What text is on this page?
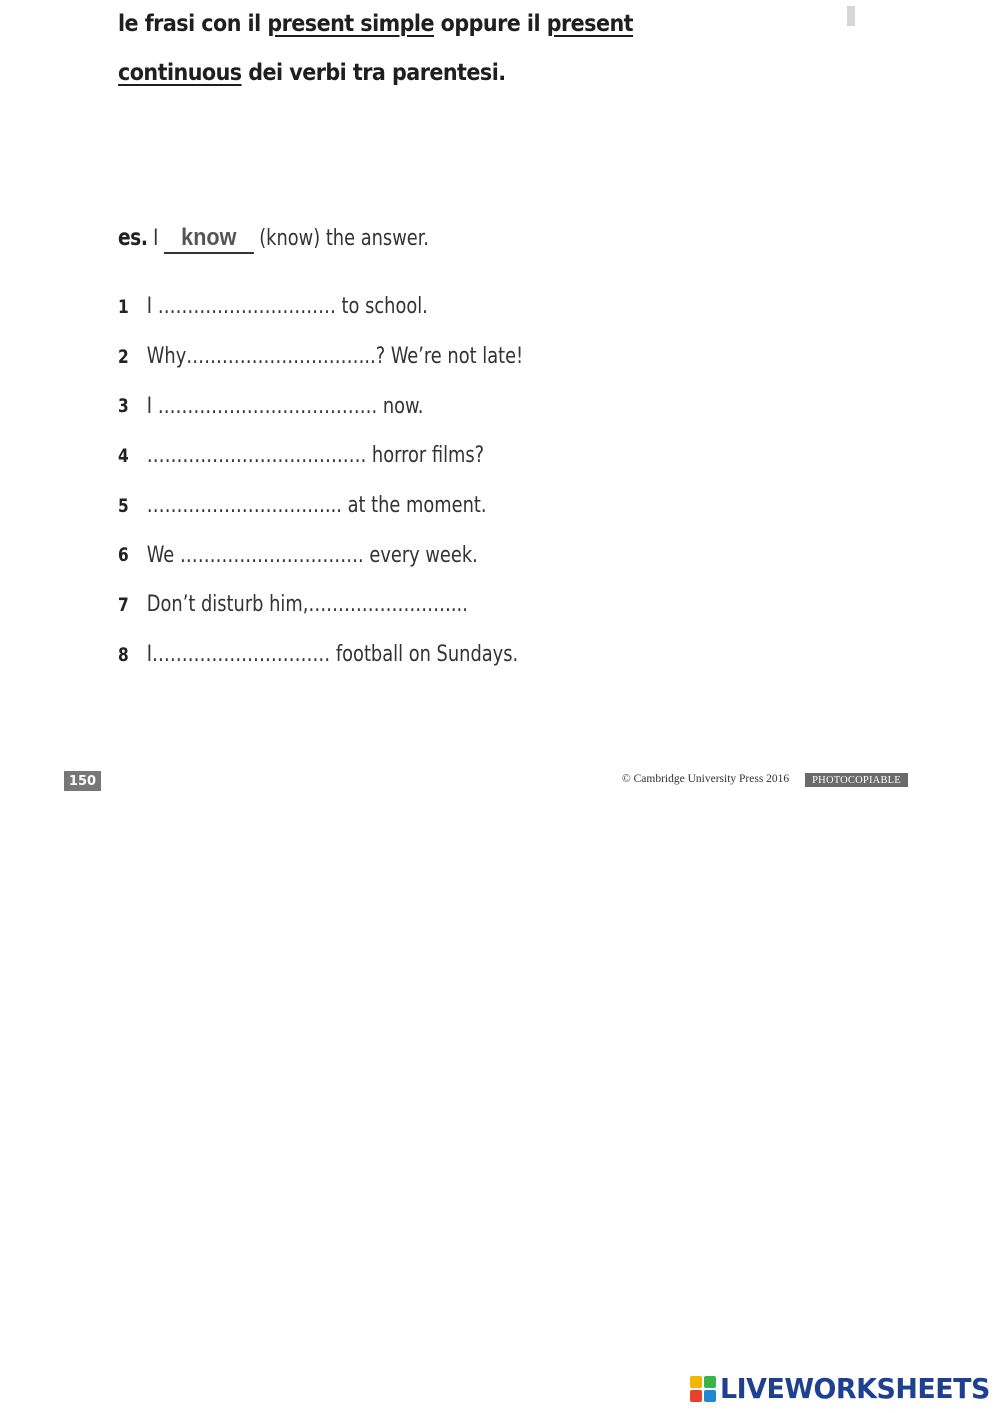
le frasi con il present simple oppure il present
continuous dei verbi tra parentesi.
es. I know (know) the answer.
1 I ………………………… to school.
2 Why…………………………..? We’re not late!
3 I ………………………………. now.
4 ………………………………. horror films?
5 …………………………... at the moment.
6 We …………………………. every week.
7 Don’t disturb him,……………………...
8 I………………………… football on Sundays.
150	© Cambridge University Press 2016	PHOTOCOPIABLE
LIVEWORKSHEETS
